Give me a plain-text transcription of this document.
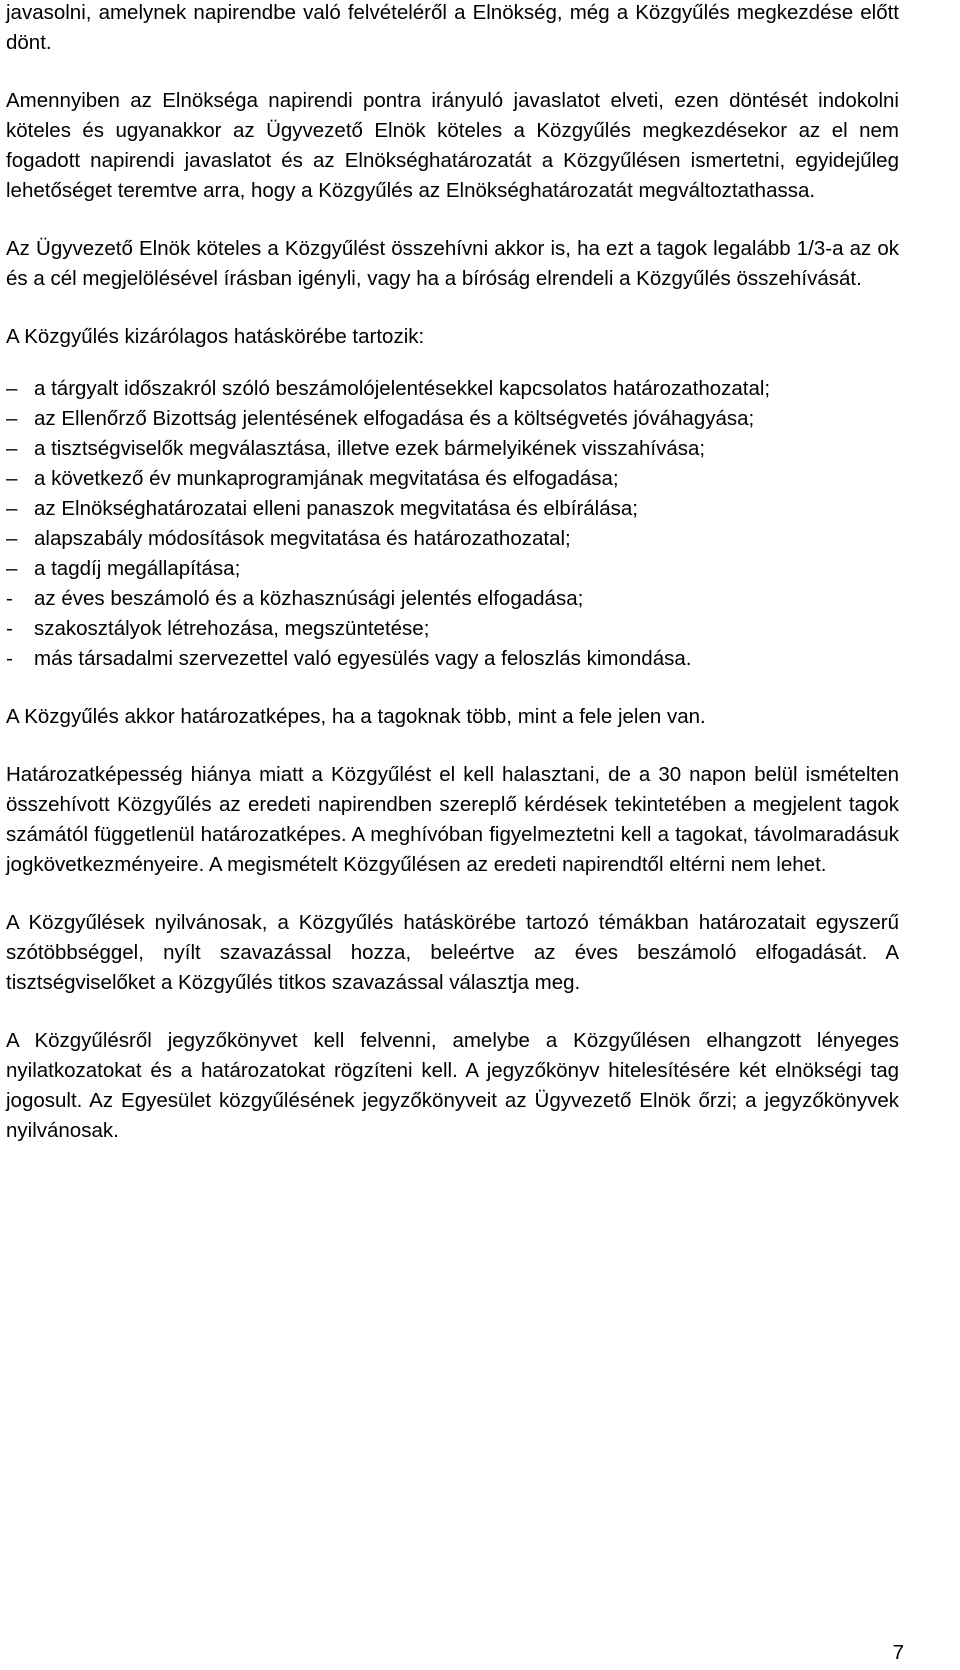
javasolni, amelynek napirendbe való felvételéről a Elnökség, még a Közgyűlés megkezdése előtt dönt.

Amennyiben az Elnökséga napirendi pontra irányuló javaslatot elveti, ezen döntését indokolni köteles és ugyanakkor az Ügyvezető Elnök köteles a Közgyűlés megkezdésekor az el nem fogadott napirendi javaslatot és az Elnökséghatározatát a Közgyűlésen ismertetni, egyidejűleg lehetőséget teremtve arra, hogy a Közgyűlés az Elnökséghatározatát megváltoztathassa.

Az Ügyvezető Elnök köteles a Közgyűlést összehívni akkor is, ha ezt a tagok legalább 1/3-a az ok és a cél megjelölésével írásban igényli, vagy ha a bíróság elrendeli a Közgyűlés összehívását.

A Közgyűlés kizárólagos hatáskörébe tartozik:

– a tárgyalt időszakról szóló beszámolójelentésekkel kapcsolatos határozathozatal;
– az Ellenőrző Bizottság jelentésének elfogadása és a költségvetés jóváhagyása;
– a tisztségviselők megválasztása, illetve ezek bármelyikének visszahívása;
– a következő év munkaprogramjának megvitatása és elfogadása;
– az Elnökséghatározatai elleni panaszok megvitatása és elbírálása;
– alapszabály módosítások megvitatása és határozathozatal;
– a tagdíj megállapítása;
- az éves beszámoló és a közhasznúsági jelentés elfogadása;
- szakosztályok létrehozása, megszüntetése;
- más társadalmi szervezettel való egyesülés vagy a feloszlás kimondása.

A Közgyűlés akkor határozatképes, ha a tagoknak több, mint a fele jelen van.

Határozatképesség hiánya miatt a Közgyűlést el kell halasztani, de a 30 napon belül ismételten összehívott Közgyűlés az eredeti napirendben szereplő kérdések tekintetében a megjelent tagok számától függetlenül határozatképes. A meghívóban figyelmeztetni kell a tagokat, távolmaradásuk jogkövetkezményeire. A megismételt Közgyűlésen az eredeti napirendtől eltérni nem lehet.

A Közgyűlések nyilvánosak, a Közgyűlés hatáskörébe tartozó témákban határozatait egyszerű szótöbbséggel, nyílt szavazással hozza, beleértve az éves beszámoló elfogadását. A tisztségviselőket a Közgyűlés titkos szavazással választja meg.

A Közgyűlésről jegyzőkönyvet kell felvenni, amelybe a Közgyűlésen elhangzott lényeges nyilatkozatokat és a határozatokat rögzíteni kell. A jegyzőkönyv hitelesítésére két elnökségi tag jogosult. Az Egyesület közgyűlésének jegyzőkönyveit az Ügyvezető Elnök őrzi; a jegyzőkönyvek nyilvánosak.

7
